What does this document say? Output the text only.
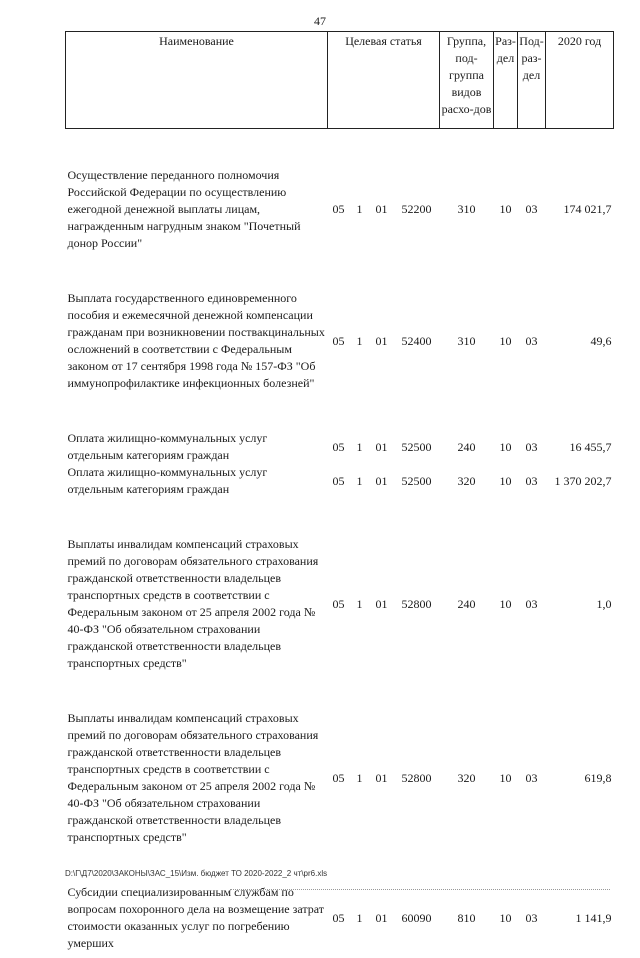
47
Наименование	Целевая статья				Группа, под-группа видов расхо-дов	Раз-дел	Под-раз-дел	2020 год

Осуществление переданного полномочия Российской Федерации по осуществлению ежегодной денежной выплаты лицам, награжденным нагрудным знаком "Почетный донор России"	05	1	01	52200	310	10	03	174 021,7

Выплата государственного единовременного пособия и ежемесячной денежной компенсации гражданам при возникновении поствакцинальных осложнений в соответствии с Федеральным законом от 17 сентября 1998 года № 157-ФЗ "Об иммунопрофилактике инфекционных болезней"	05	1	01	52400	310	10	03	49,6

Оплата жилищно-коммунальных услуг отдельным категориям граждан	05	1	01	52500	240	10	03	16 455,7
Оплата жилищно-коммунальных услуг отдельным категориям граждан	05	1	01	52500	320	10	03	1 370 202,7

Выплаты инвалидам компенсаций страховых премий по договорам обязательного страхования гражданской ответственности владельцев транспортных средств в соответствии с Федеральным законом от 25 апреля 2002 года № 40-ФЗ "Об обязательном страховании гражданской ответственности владельцев транспортных средств"	05	1	01	52800	240	10	03	1,0

Выплаты инвалидам компенсаций страховых премий по договорам обязательного страхования гражданской ответственности владельцев транспортных средств в соответствии с Федеральным законом от 25 апреля 2002 года № 40-ФЗ "Об обязательном страховании гражданской ответственности владельцев транспортных средств"	05	1	01	52800	320	10	03	619,8

Субсидии специализированным службам по вопросам похоронного дела на возмещение затрат стоимости оказанных услуг по погребению умерших	05	1	01	60090	810	10	03	1 141,9

D:\Г\Д7\2020\ЗАКОНЫ\ЗАС_15\Изм. бюджет ТО 2020-2022_2 чт\pr6.xls
